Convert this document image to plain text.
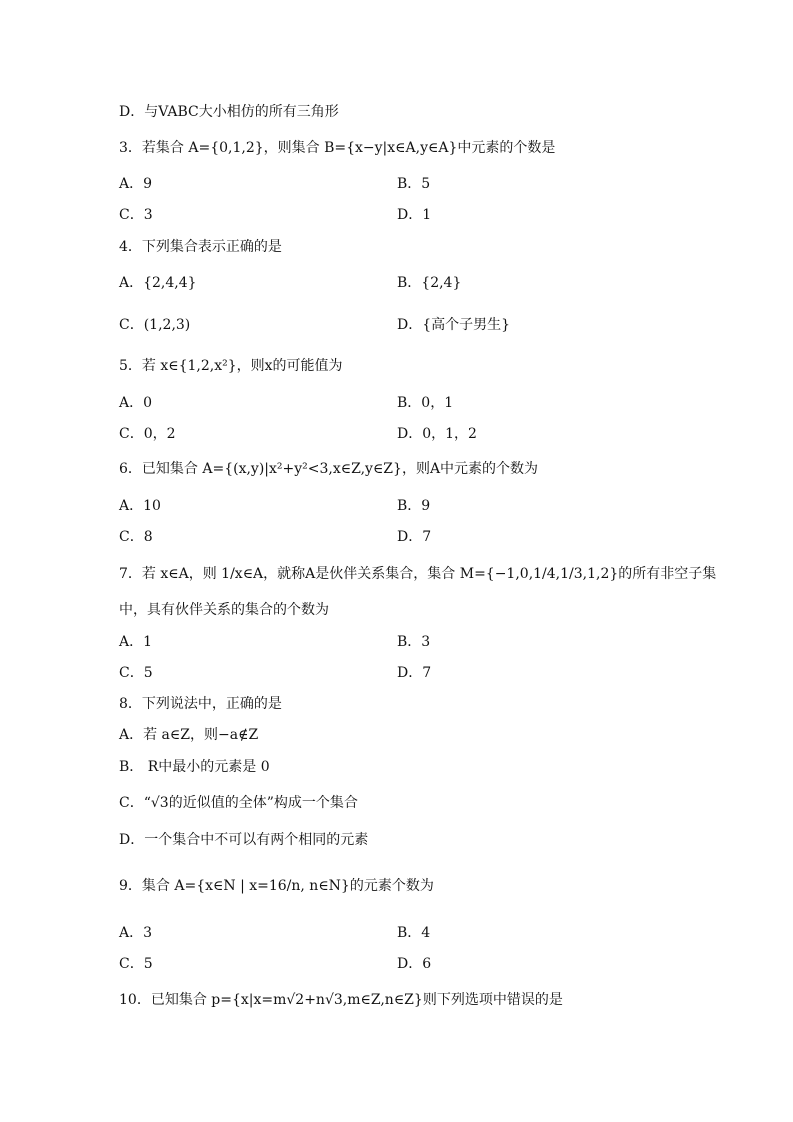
D．与VABC大小相仿的所有三角形
3．若集合 A={0,1,2}，则集合 B={x−y|x∈A,y∈A}中元素的个数是
A．9	B．5
C．3	D．1
4．下列集合表示正确的是
A．{2,4,4}	B．{2,4}
C．(1,2,3)	D．{高个子男生}
5．若 x∈{1,2,x²}，则x的可能值为
A．0	B．0，1
C．0，2	D．0，1，2
6．已知集合 A={(x,y)|x²+y²<3,x∈Z,y∈Z}，则A中元素的个数为
A．10	B．9
C．8	D．7
7．若 x∈A，则 1/x∈A，就称A是伙伴关系集合，集合 M={−1,0,1/4,1/3,1,2}的所有非空子集
中，具有伙伴关系的集合的个数为
A．1	B．3
C．5	D．7
8．下列说法中，正确的是
A．若 a∈Z，则−a∉Z
B． R中最小的元素是 0
C．“√3的近似值的全体”构成一个集合
D．一个集合中不可以有两个相同的元素
9．集合 A={x∈N | x=16/n, n∈N}的元素个数为
A．3	B．4
C．5	D．6
10．已知集合 p={x|x=m√2+n√3,m∈Z,n∈Z}则下列选项中错误的是
